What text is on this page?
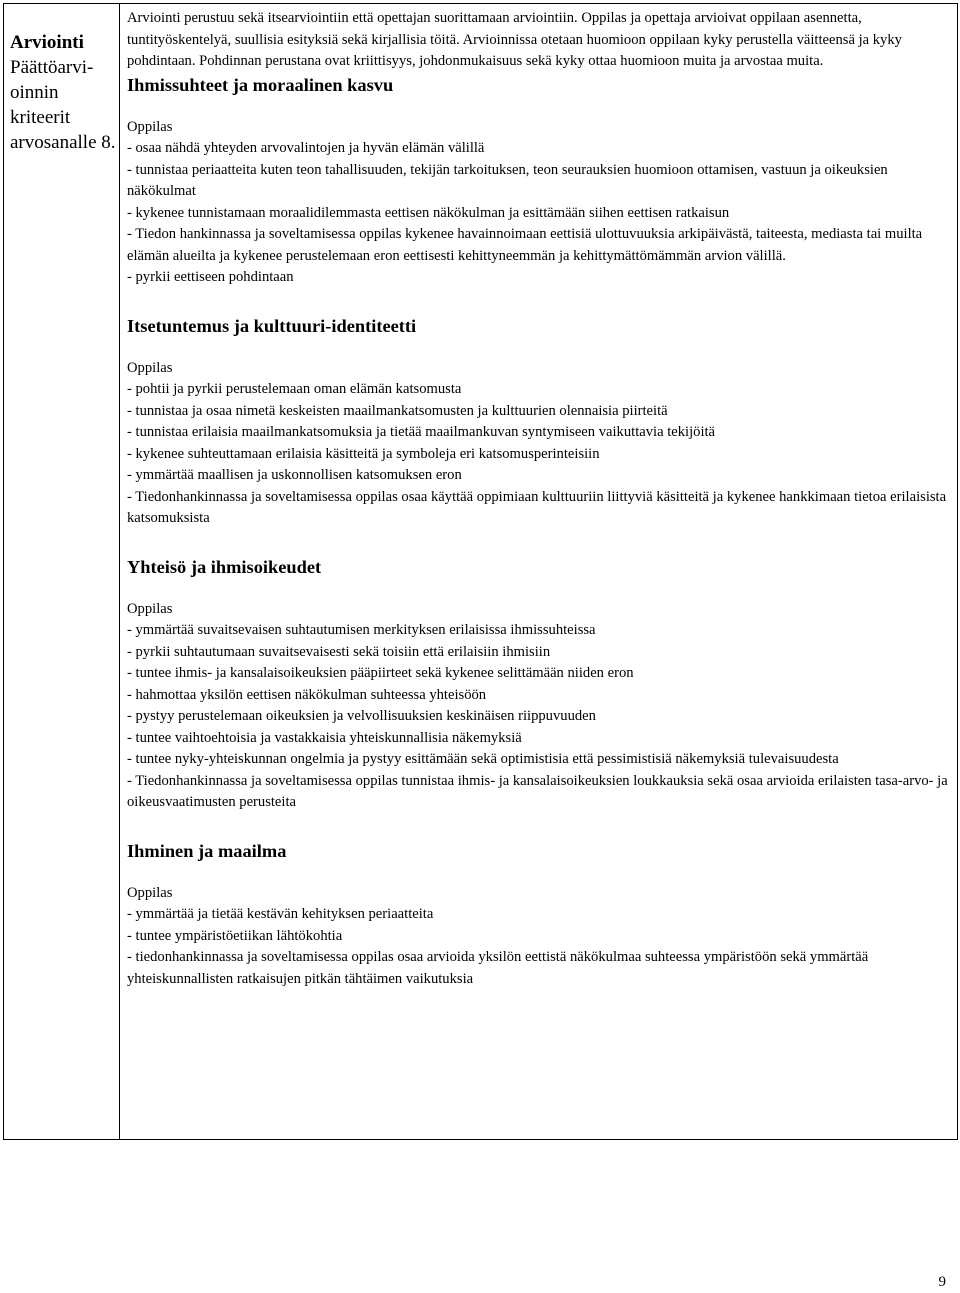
Arviointi
Päättöarvi-oinnin kriteerit arvosanalle 8.

Arviointi perustuu sekä itsearviointiin että opettajan suorittamaan arviointiin. Oppilas ja opettaja arvioivat oppilaan asennetta, tuntityöskentelyä, suullisia esityksiä sekä kirjallisia töitä. Arvioinnissa otetaan huomioon oppilaan kyky perustella väitteensä ja kyky pohdintaan. Pohdinnan perustana ovat kriittisyys, johdonmukaisuus sekä kyky ottaa huomioon muita ja arvostaa muita.

Ihmissuhteet ja moraalinen kasvu

Oppilas

- osaa nähdä yhteyden arvovalintojen ja hyvän elämän välillä

- tunnistaa periaatteita kuten teon tahallisuuden, tekijän tarkoituksen, teon seurauksien huomioon ottamisen, vastuun ja oikeuksien näkökulmat

- kykenee tunnistamaan moraalidilemmasta eettisen näkökulman ja esittämään siihen eettisen ratkaisun

- Tiedon hankinnassa ja soveltamisessa oppilas kykenee havainnoimaan eettisiä ulottuvuuksia arkipäivästä, taiteesta, mediasta tai muilta elämän alueilta ja kykenee perustelemaan eron eettisesti kehittyneemmän ja kehittymättömämmän arvion välillä.

- pyrkii eettiseen pohdintaan

Itsetuntemus ja kulttuuri-identiteetti

Oppilas

- pohtii ja pyrkii perustelemaan oman elämän katsomusta

- tunnistaa ja osaa nimetä keskeisten maailmankatsomusten ja kulttuurien olennaisia piirteitä

- tunnistaa erilaisia maailmankatsomuksia ja tietää maailmankuvan syntymiseen vaikuttavia tekijöitä

- kykenee suhteuttamaan erilaisia käsitteitä ja symboleja eri katsomusperinteisiin

- ymmärtää maallisen ja uskonnollisen katsomuksen eron

- Tiedonhankinnassa ja soveltamisessa oppilas osaa käyttää oppimiaan kulttuuriin liittyviä käsitteitä ja kykenee hankkimaan tietoa erilaisista katsomuksista

Yhteisö ja ihmisoikeudet

Oppilas

- ymmärtää suvaitsevaisen suhtautumisen merkityksen erilaisissa ihmissuhteissa

- pyrkii suhtautumaan suvaitsevaisesti sekä toisiin että erilaisiin ihmisiin

- tuntee ihmis- ja kansalaisoikeuksien pääpiirteet sekä kykenee selittämään niiden eron

- hahmottaa yksilön eettisen näkökulman suhteessa yhteisöön

- pystyy perustelemaan oikeuksien ja velvollisuuksien keskinäisen riippuvuuden

- tuntee vaihtoehtoisia ja vastakkaisia yhteiskunnallisia näkemyksiä

- tuntee nyky-yhteiskunnan ongelmia ja pystyy esittämään sekä optimistisia että pessimistisiä näkemyksiä tulevaisuudesta

- Tiedonhankinnassa ja soveltamisessa oppilas tunnistaa ihmis- ja kansalaisoikeuksien loukkauksia sekä osaa arvioida erilaisten tasa-arvo- ja oikeusvaatimusten perusteita

Ihminen ja maailma

Oppilas

- ymmärtää ja tietää kestävän kehityksen periaatteita

- tuntee ympäristöetiikan lähtökohtia

- tiedonhankinnassa ja soveltamisessa oppilas osaa arvioida yksilön eettistä näkökulmaa suhteessa ympäristöön sekä ymmärtää yhteiskunnallisten ratkaisujen pitkän tähtäimen vaikutuksia

9
